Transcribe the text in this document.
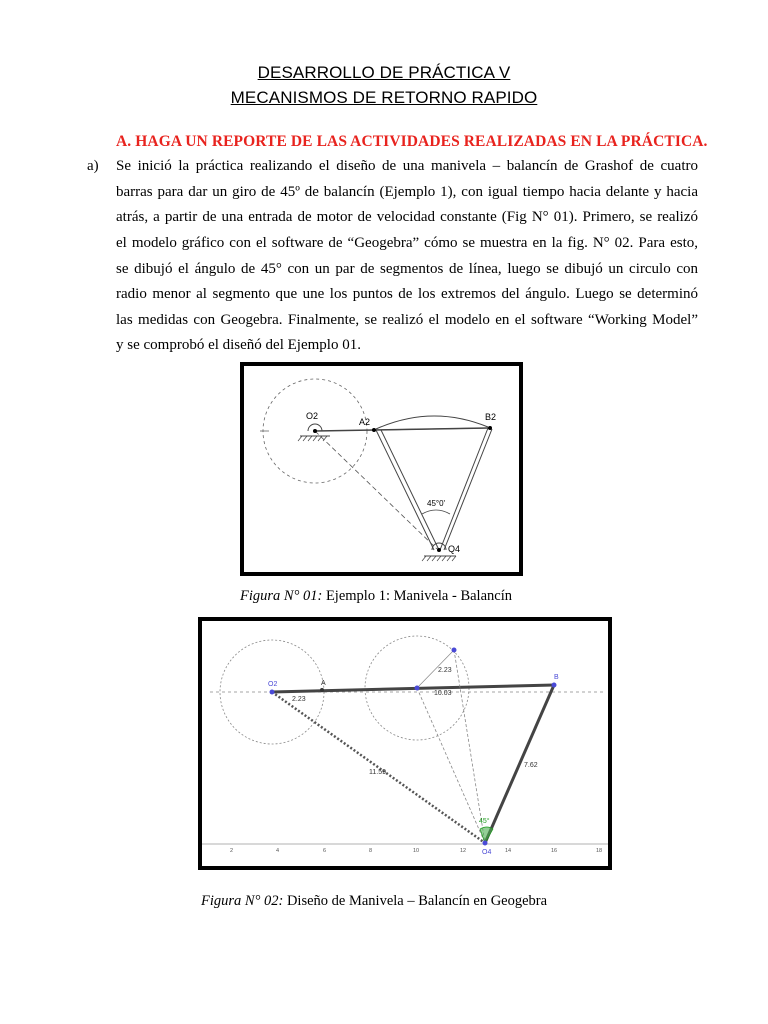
DESARROLLO DE PRÁCTICA V
MECANISMOS DE RETORNO RAPIDO
A. HAGA UN REPORTE DE LAS ACTIVIDADES REALIZADAS EN LA PRÁCTICA.
a) Se inició la práctica realizando el diseño de una manivela – balancín de Grashof de cuatro
barras para dar un giro de 45º de balancín (Ejemplo 1), con igual tiempo hacia delante y hacia
atrás, a partir de una entrada de motor de velocidad constante (Fig N° 01). Primero, se realizó
el modelo gráfico con el software de “Geogebra” cómo se muestra en la fig. N° 02. Para esto,
se dibujó el ángulo de 45° con un par de segmentos de línea, luego se dibujó un circulo con
radio menor al segmento que une los puntos de los extremos del ángulo. Luego se determinó
las medidas con Geogebra. Finalmente, se realizó el modelo en el software “Working Model”
y se comprobó el diseñó del Ejemplo 01.
O2
A2	B2
45°0'
Q4
Figura N° 01: Ejemplo 1: Manivela - Balancín
O2	A
B
O4
2.23
2.23
10.03
11.59
7.62
45°
2	4	6	8	10	12	14	16	18
Figura N° 02: Diseño de Manivela – Balancín en Geogebra
